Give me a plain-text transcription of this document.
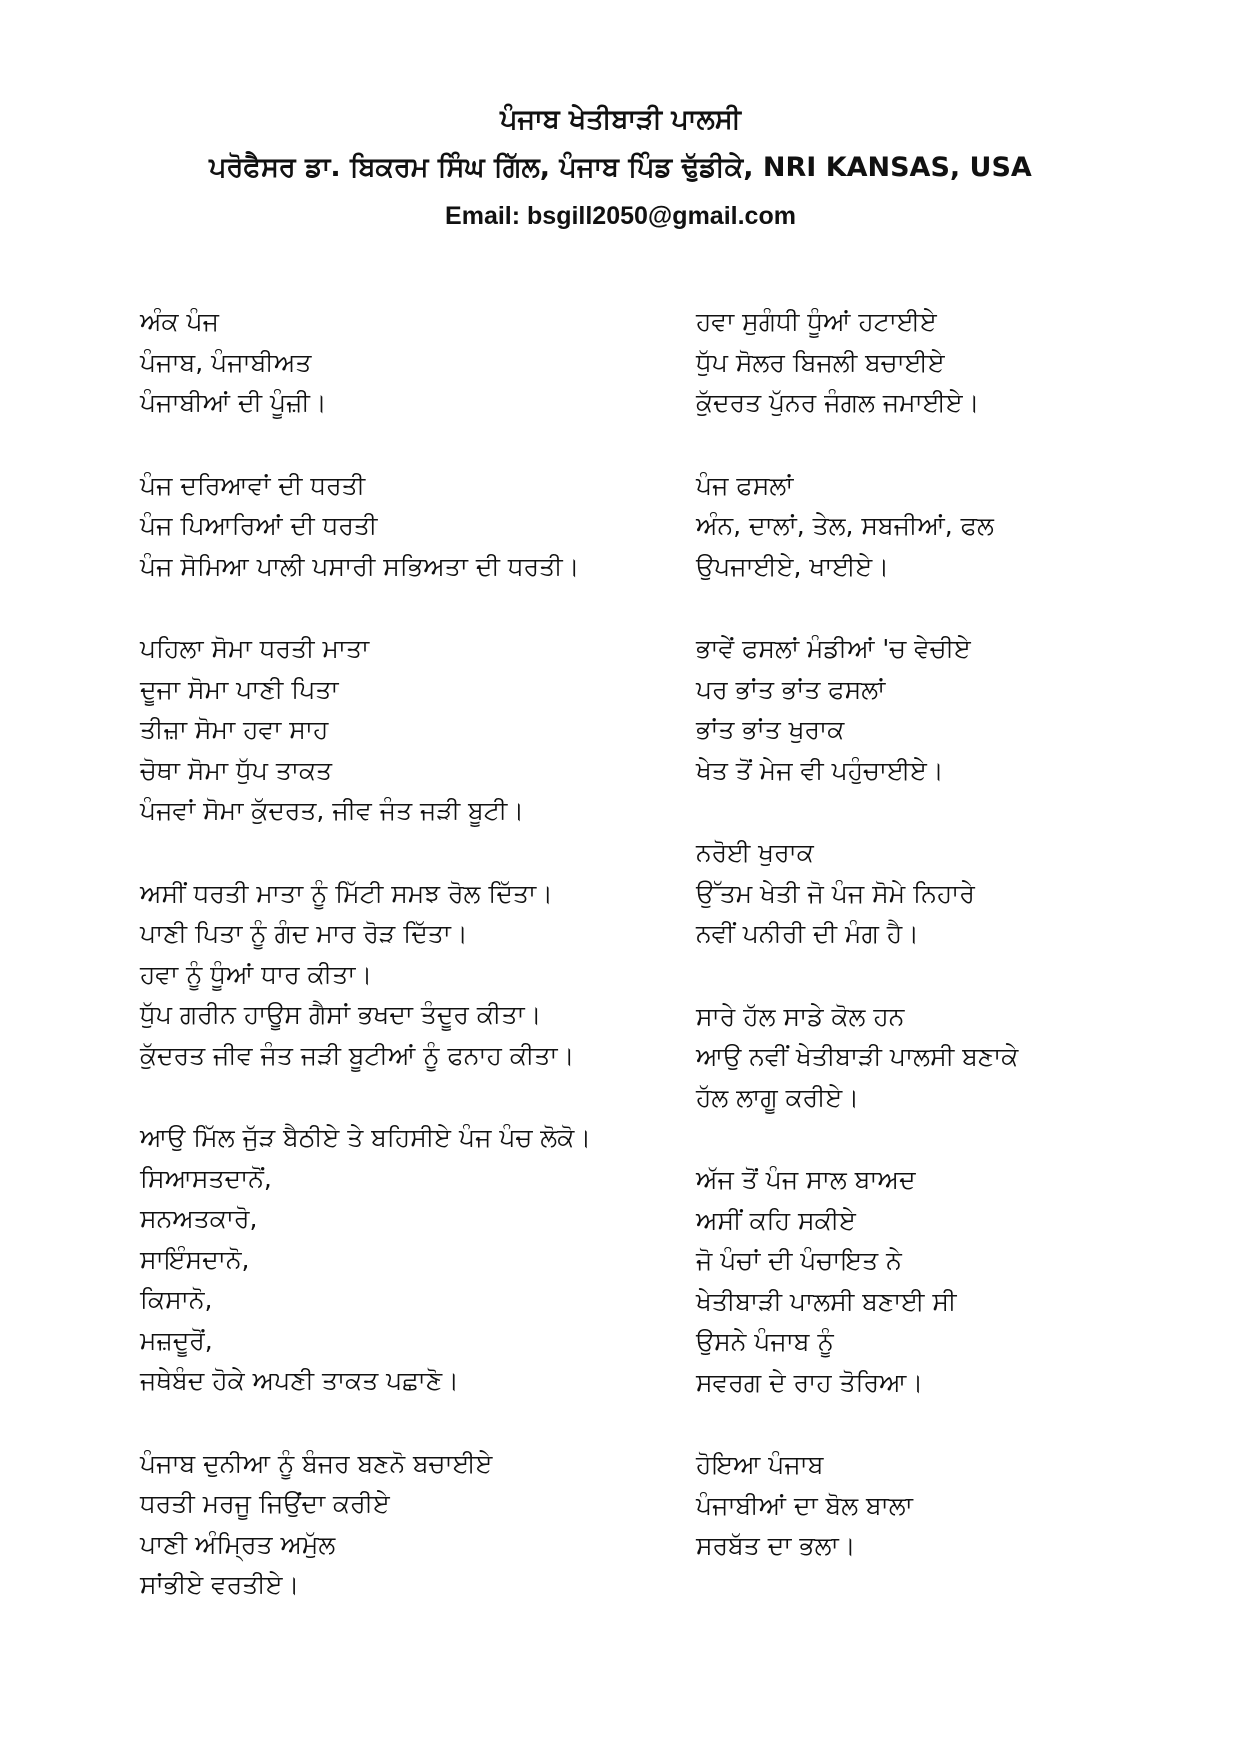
ਪੰਜਾਬ ਖੇਤੀਬਾੜੀ ਪਾਲਸੀ
ਪਰੋਫੈਸਰ ਡਾ. ਬਿਕਰਮ ਸਿੰਘ ਗਿੱਲ, ਪੰਜਾਬ ਪਿੰਡ ਢੁੱਡੀਕੇ, NRI KANSAS, USA
Email: bsgill2050@gmail.com
ਅੰਕ ਪੰਜ
ਪੰਜਾਬ, ਪੰਜਾਬੀਅਤ
ਪੰਜਾਬੀਆਂ ਦੀ ਪੂੰਜ਼ੀ।
ਪੰਜ ਦਰਿਆਵਾਂ ਦੀ ਧਰਤੀ
ਪੰਜ ਪਿਆਰਿਆਂ ਦੀ ਧਰਤੀ
ਪੰਜ ਸੋਮਿਆ ਪਾਲੀ ਪਸਾਰੀ ਸਭਿਅਤਾ ਦੀ ਧਰਤੀ।
ਪਹਿਲਾ ਸੋਮਾ ਧਰਤੀ ਮਾਤਾ
ਦੂਜਾ ਸੋਮਾ ਪਾਣੀ ਪਿਤਾ
ਤੀਜ਼ਾ ਸੋਮਾ ਹਵਾ ਸਾਹ
ਚੋਥਾ ਸੋਮਾ ਧੁੱਪ ਤਾਕਤ
ਪੰਜਵਾਂ ਸੋਮਾ ਕੁੱਦਰਤ, ਜੀਵ ਜੰਤ ਜੜੀ ਬੂਟੀ।
ਅਸੀਂ ਧਰਤੀ ਮਾਤਾ ਨੂੰ ਮਿੱਟੀ ਸਮਝ ਰੋਲ ਦਿੱਤਾ।
ਪਾਣੀ ਪਿਤਾ ਨੂੰ ਗੰਦ ਮਾਰ ਰੋੜ ਦਿੱਤਾ।
ਹਵਾ ਨੂੰ ਧੂੰਆਂ ਧਾਰ ਕੀਤਾ।
ਧੁੱਪ ਗਰੀਨ ਹਾਊਸ ਗੈਸਾਂ ਭਖਦਾ ਤੰਦੂਰ ਕੀਤਾ।
ਕੁੱਦਰਤ ਜੀਵ ਜੰਤ ਜੜੀ ਬੂਟੀਆਂ ਨੂੰ ਫਨਾਹ ਕੀਤਾ।
ਆਉ ਮਿੱਲ ਜੁੱੜ ਬੈਠੀਏ ਤੇ ਬਹਿਸੀਏ ਪੰਜ ਪੰਚ ਲੋਕੋ।
ਸਿਆਸਤਦਾਨੋਂ,
ਸਨਅਤਕਾਰੋ,
ਸਾਇੰਸਦਾਨੋ,
ਕਿਸਾਨੋ,
ਮਜ਼ਦੂਰੋਂ,
ਜਥੇਬੰਦ ਹੋਕੇ ਅਪਣੀ ਤਾਕਤ ਪਛਾਣੋ।
ਪੰਜਾਬ ਦੁਨੀਆ ਨੂੰ ਬੰਜਰ ਬਣਨੋ ਬਚਾਈਏ
ਧਰਤੀ ਮਰਜੂ ਜਿਉਂਦਾ ਕਰੀਏ
ਪਾਣੀ ਅੰਮ੍ਰਿਤ ਅਮੁੱਲ
ਸਾਂਭੀਏ ਵਰਤੀਏ।
ਹਵਾ ਸੁਗੰਧੀ ਧੂੰਆਂ ਹਟਾਈਏ
ਧੁੱਪ ਸੋਲਰ ਬਿਜਲੀ ਬਚਾਈਏ
ਕੁੱਦਰਤ ਪੁੱਨਰ ਜੰਗਲ ਜਮਾਈਏ।
ਪੰਜ ਫਸਲਾਂ
ਅੰਨ, ਦਾਲਾਂ, ਤੇਲ, ਸਬਜੀਆਂ, ਫਲ
ਉਪਜਾਈਏ, ਖਾਈਏ।
ਭਾਵੇਂ ਫਸਲਾਂ ਮੰਡੀਆਂ 'ਚ ਵੇਚੀਏ
ਪਰ ਭਾਂਤ ਭਾਂਤ ਫਸਲਾਂ
ਭਾਂਤ ਭਾਂਤ ਖੁਰਾਕ
ਖੇਤ ਤੋਂ ਮੇਜ ਵੀ ਪਹੁੰਚਾਈਏ।
ਨਰੋਈ ਖੁਰਾਕ
ਉੱਤਮ ਖੇਤੀ ਜੋ ਪੰਜ ਸੋਮੇ ਨਿਹਾਰੇ
ਨਵੀਂ ਪਨੀਰੀ ਦੀ ਮੰਗ ਹੈ।
ਸਾਰੇ ਹੱਲ ਸਾਡੇ ਕੋਲ ਹਨ
ਆਉ ਨਵੀਂ ਖੇਤੀਬਾੜੀ ਪਾਲਸੀ ਬਣਾਕੇ
ਹੱਲ ਲਾਗੂ ਕਰੀਏ।
ਅੱਜ ਤੋਂ ਪੰਜ ਸਾਲ ਬਾਅਦ
ਅਸੀਂ ਕਹਿ ਸਕੀਏ
ਜੋ ਪੰਚਾਂ ਦੀ ਪੰਚਾਇਤ ਨੇ
ਖੇਤੀਬਾੜੀ ਪਾਲਸੀ ਬਣਾਈ ਸੀ
ਉਸਨੇ ਪੰਜਾਬ ਨੂੰ
ਸਵਰਗ ਦੇ ਰਾਹ ਤੋਰਿਆ।
ਹੋਇਆ ਪੰਜਾਬ
ਪੰਜਾਬੀਆਂ ਦਾ ਬੋਲ ਬਾਲਾ
ਸਰਬੱਤ ਦਾ ਭਲਾ।
